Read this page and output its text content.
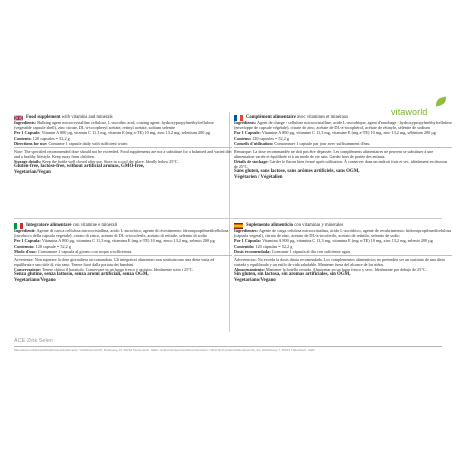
vitaworld

Food supplement with vitamins and minerals

Ingredients: Bulking agent microcrystalline cellulose, L-ascorbic acid, coating agent: hydroxypropylmethylcellulose (vegetable capsule shell), zinc citrate, DL-a-tocopheryl acetate, retinyl acetate, sodium selenite

Per 1 Capsule: Vitamin A 800 µg, vitamin C 11.3 mg, vitamin E (mg a-TE) 10 mg, zinc 13.2 mg, selenium 200 µg

Contents: 120 capsules = 52,2 g

Directions for use: Consume 1 capsule daily with sufficient water.

Note: The specified recommended dose should not be exceeded. Food supplements are not a substitute for a balanced and varied diet and a healthy lifestyle. Keep away from children.

Storage details: Keep the bottle well closed after use. Store in a cool dry place. Ideally below 25°C.

Gluten-free, lactose-free, without artificial aromas, GMO-free,

Vegetarian/Vegan

Complément alimentaire avec vitamines et minéraux

Ingrédients: Agent de charge : cellulose microcristalline, acide L-ascorbique, agent d'enrobage : hydroxypropylméthylcellulose (enveloppe de capsule végétale), citrate de zinc, acétate de DL-a-tocophérol, acétate de rétinyle, sélénite de sodium

Par 1 Capsule: Vitamine A 800 µg, vitamine C 11,3 mg, vitamine E (mg a-TE) 10 mg, zinc 13,2 mg, sélénium 200 µg

Contenu: 120 capsules = 52,2 g

Conseils d'utilisation: Consommer 1 capsule par jour avec suffisamment d'eau.

Remarque: La dose recommandée ne doit pas être dépassée. Les compléments alimentaires ne peuvent se substituer à une alimentation variée et équilibrée et à un mode de vie sain. Garder hors de portée des enfants.

Détails de stockage: Garder le flacon bien fermé après utilisation. À conserver dans un endroit frais et sec, idéalement en dessous de 25°C.

Sans gluten, sans lactose, sans arômes artificiels, sans OGM,

Végétarien / Végétalien

Integratore alimentare con vitamine e minerali

Ingredienti: Agente di carica cellulosa microcristallina, acido L-ascorbico, agente di rivestimento: idrossipropilmetilcellulosa (involucro della capsula vegetale), citrato di zinco, acetato di DL-a-tocoferile, acetato di retinile, selenito di sodio

Per 1 Capsula: Vitamina A 800 µg, vitamina C 11,3 mg, vitamina E (mg a-TE) 10 mg, zinco 13,2 mg, selenio 200 µg

Contenuto: 120 capsule = 52,2 g

Modo d'uso: Consumare 1 capsula al giorno con acqua a sufficienza.

Avvertenze: Non superare la dose giornaliera raccomandata. Gli integratori alimentari non sostituiscono una dieta varia ed equilibrata e uno stile di vita sano. Tenere fuori dalla portata dei bambini.

Conservazione: Tenere chiuso il barattolo. Conservare in un luogo fresco e asciutto. Idealmente sotto i 25°C.

Senza glutine, senza lattosio, senza aromi artificiali, senza OGM,

Vegetariano/Vegano

Suplemento alimenticio con vitaminas y minerales

Ingredientes: Agente de carga celulosa microcristalina, ácido L-ascórbico, agente de recubrimiento: hidroxipropilmetilcelulosa (cápsula vegetal), citrato de zinc, acetato de DL-a-tocoferilo, acetato de retinilo, selenito de sodio

Por 1 Cápsula: Vitamina A 800 µg, vitamina C 11,3 mg, vitamina E (mg a-TE) 10 mg, zinc 13,2 mg, selenio 200 µg

Contenido: 120 cápsulas = 52,2 g

Dosis recomendada: Consumir 1 cápsula al día con suficiente agua.

Advertencias: No exceda la dosis diaria recomendada. Los complementos alimenticios no pretenden ser un sustituto de una dieta variada y equilibrada y un estilo de vida saludable. Mantener fuera del alcance de los niños.

Almacenamiento: Mantener la botella cerrada. Almacenar en un lugar fresco y seco. Idealmente por debajo de 25°C.

Sin gluten, sin lactosa, sin aromas artificiales, sin OGM,

Vegetariano/Vegano

ACE Zink Selen
Manufacturer/Fabricant/Fabbricante/Fabricante: VitaWorld GmbH, Röderweg 16, 65232 Taunusstein, GER • Seller/Vendeur/Venditore/Vendedor: Ulrich Roth (NaturheilkundeGroß), Am Wolfenberg 7, 84513 Tüßenbach, GER
